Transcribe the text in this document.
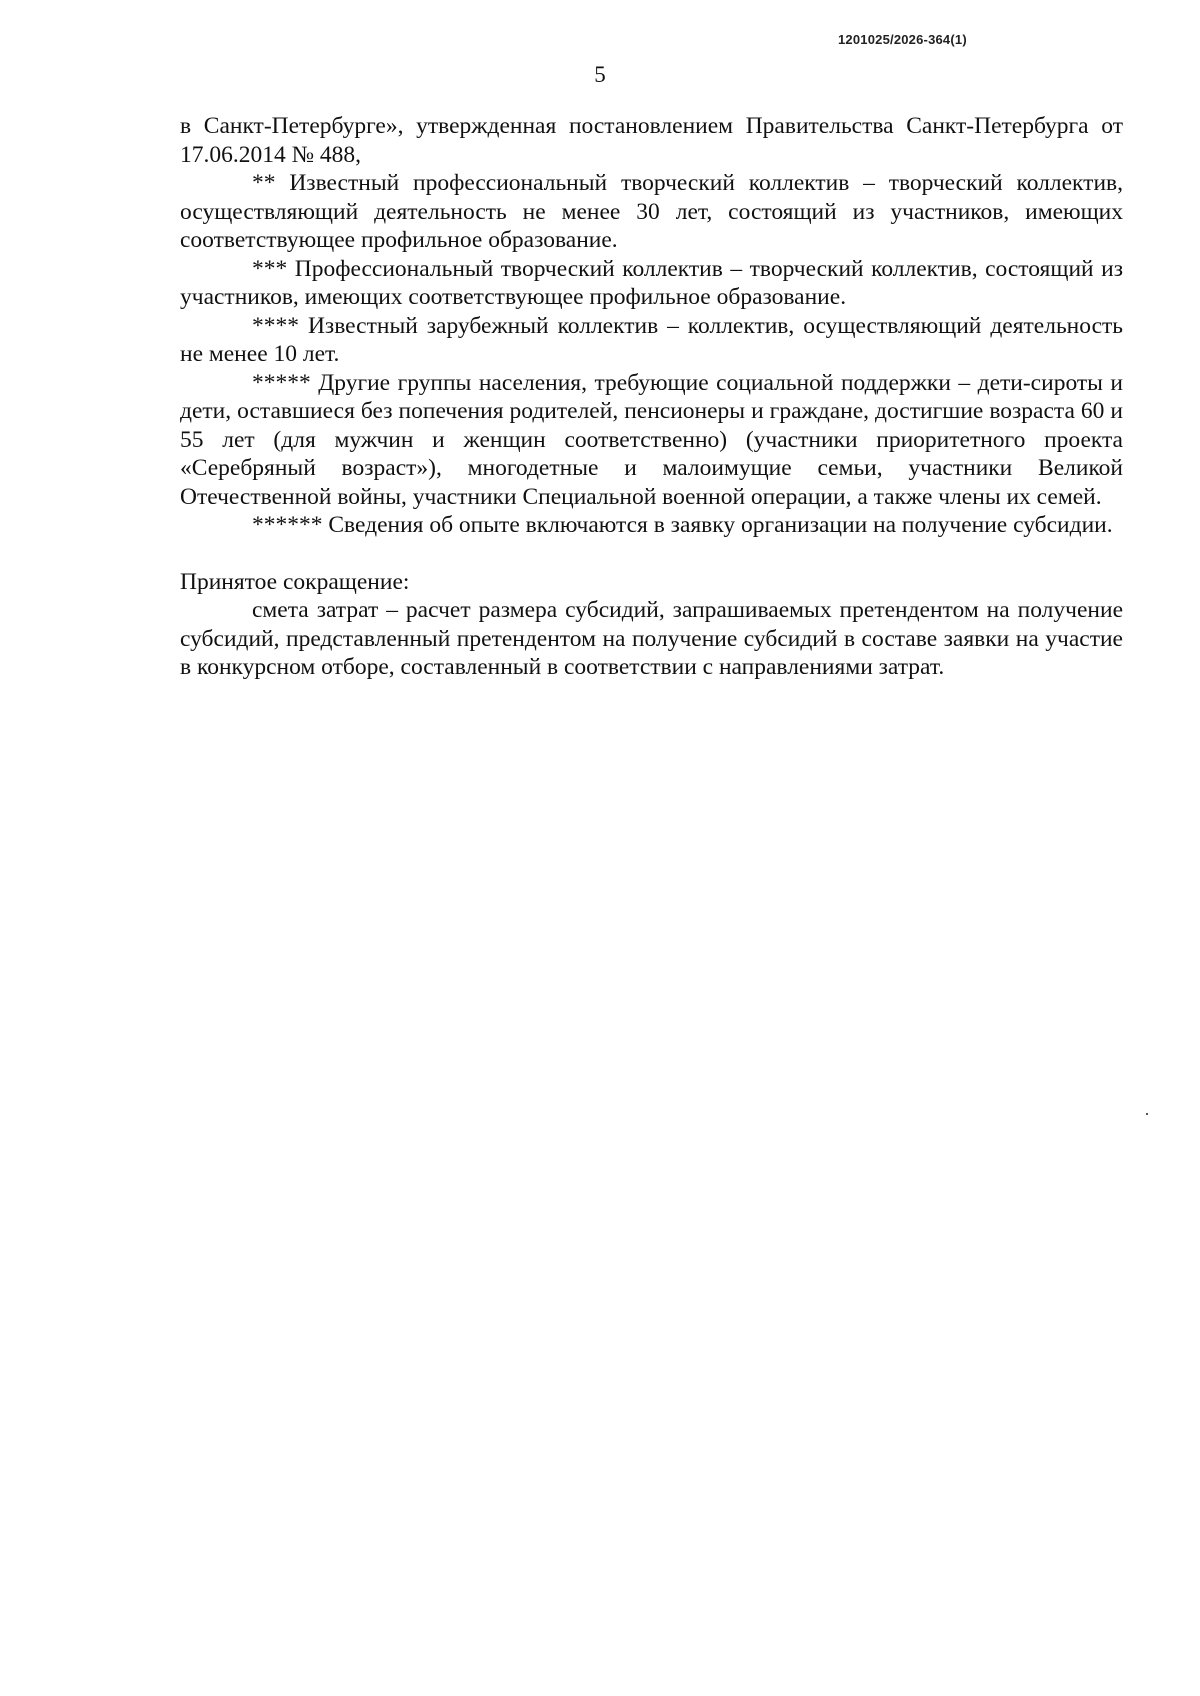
1201025/2026-364(1)
5

в Санкт-Петербурге», утвержденная постановлением Правительства Санкт-Петербурга от 17.06.2014 № 488,

** Известный профессиональный творческий коллектив – творческий коллектив, осуществляющий деятельность не менее 30 лет, состоящий из участников, имеющих соответствующее профильное образование.

*** Профессиональный творческий коллектив – творческий коллектив, состоящий из участников, имеющих соответствующее профильное образование.

**** Известный зарубежный коллектив – коллектив, осуществляющий деятельность не менее 10 лет.

***** Другие группы населения, требующие социальной поддержки – дети-сироты и дети, оставшиеся без попечения родителей, пенсионеры и граждане, достигшие возраста 60 и 55 лет (для мужчин и женщин соответственно) (участники приоритетного проекта «Серебряный возраст»), многодетные и малоимущие семьи, участники Великой Отечественной войны, участники Специальной военной операции, а также члены их семей.

****** Сведения об опыте включаются в заявку организации на получение субсидии.

Принятое сокращение:

смета затрат – расчет размера субсидий, запрашиваемых претендентом на получение субсидий, представленный претендентом на получение субсидий в составе заявки на участие в конкурсном отборе, составленный в соответствии с направлениями затрат.
